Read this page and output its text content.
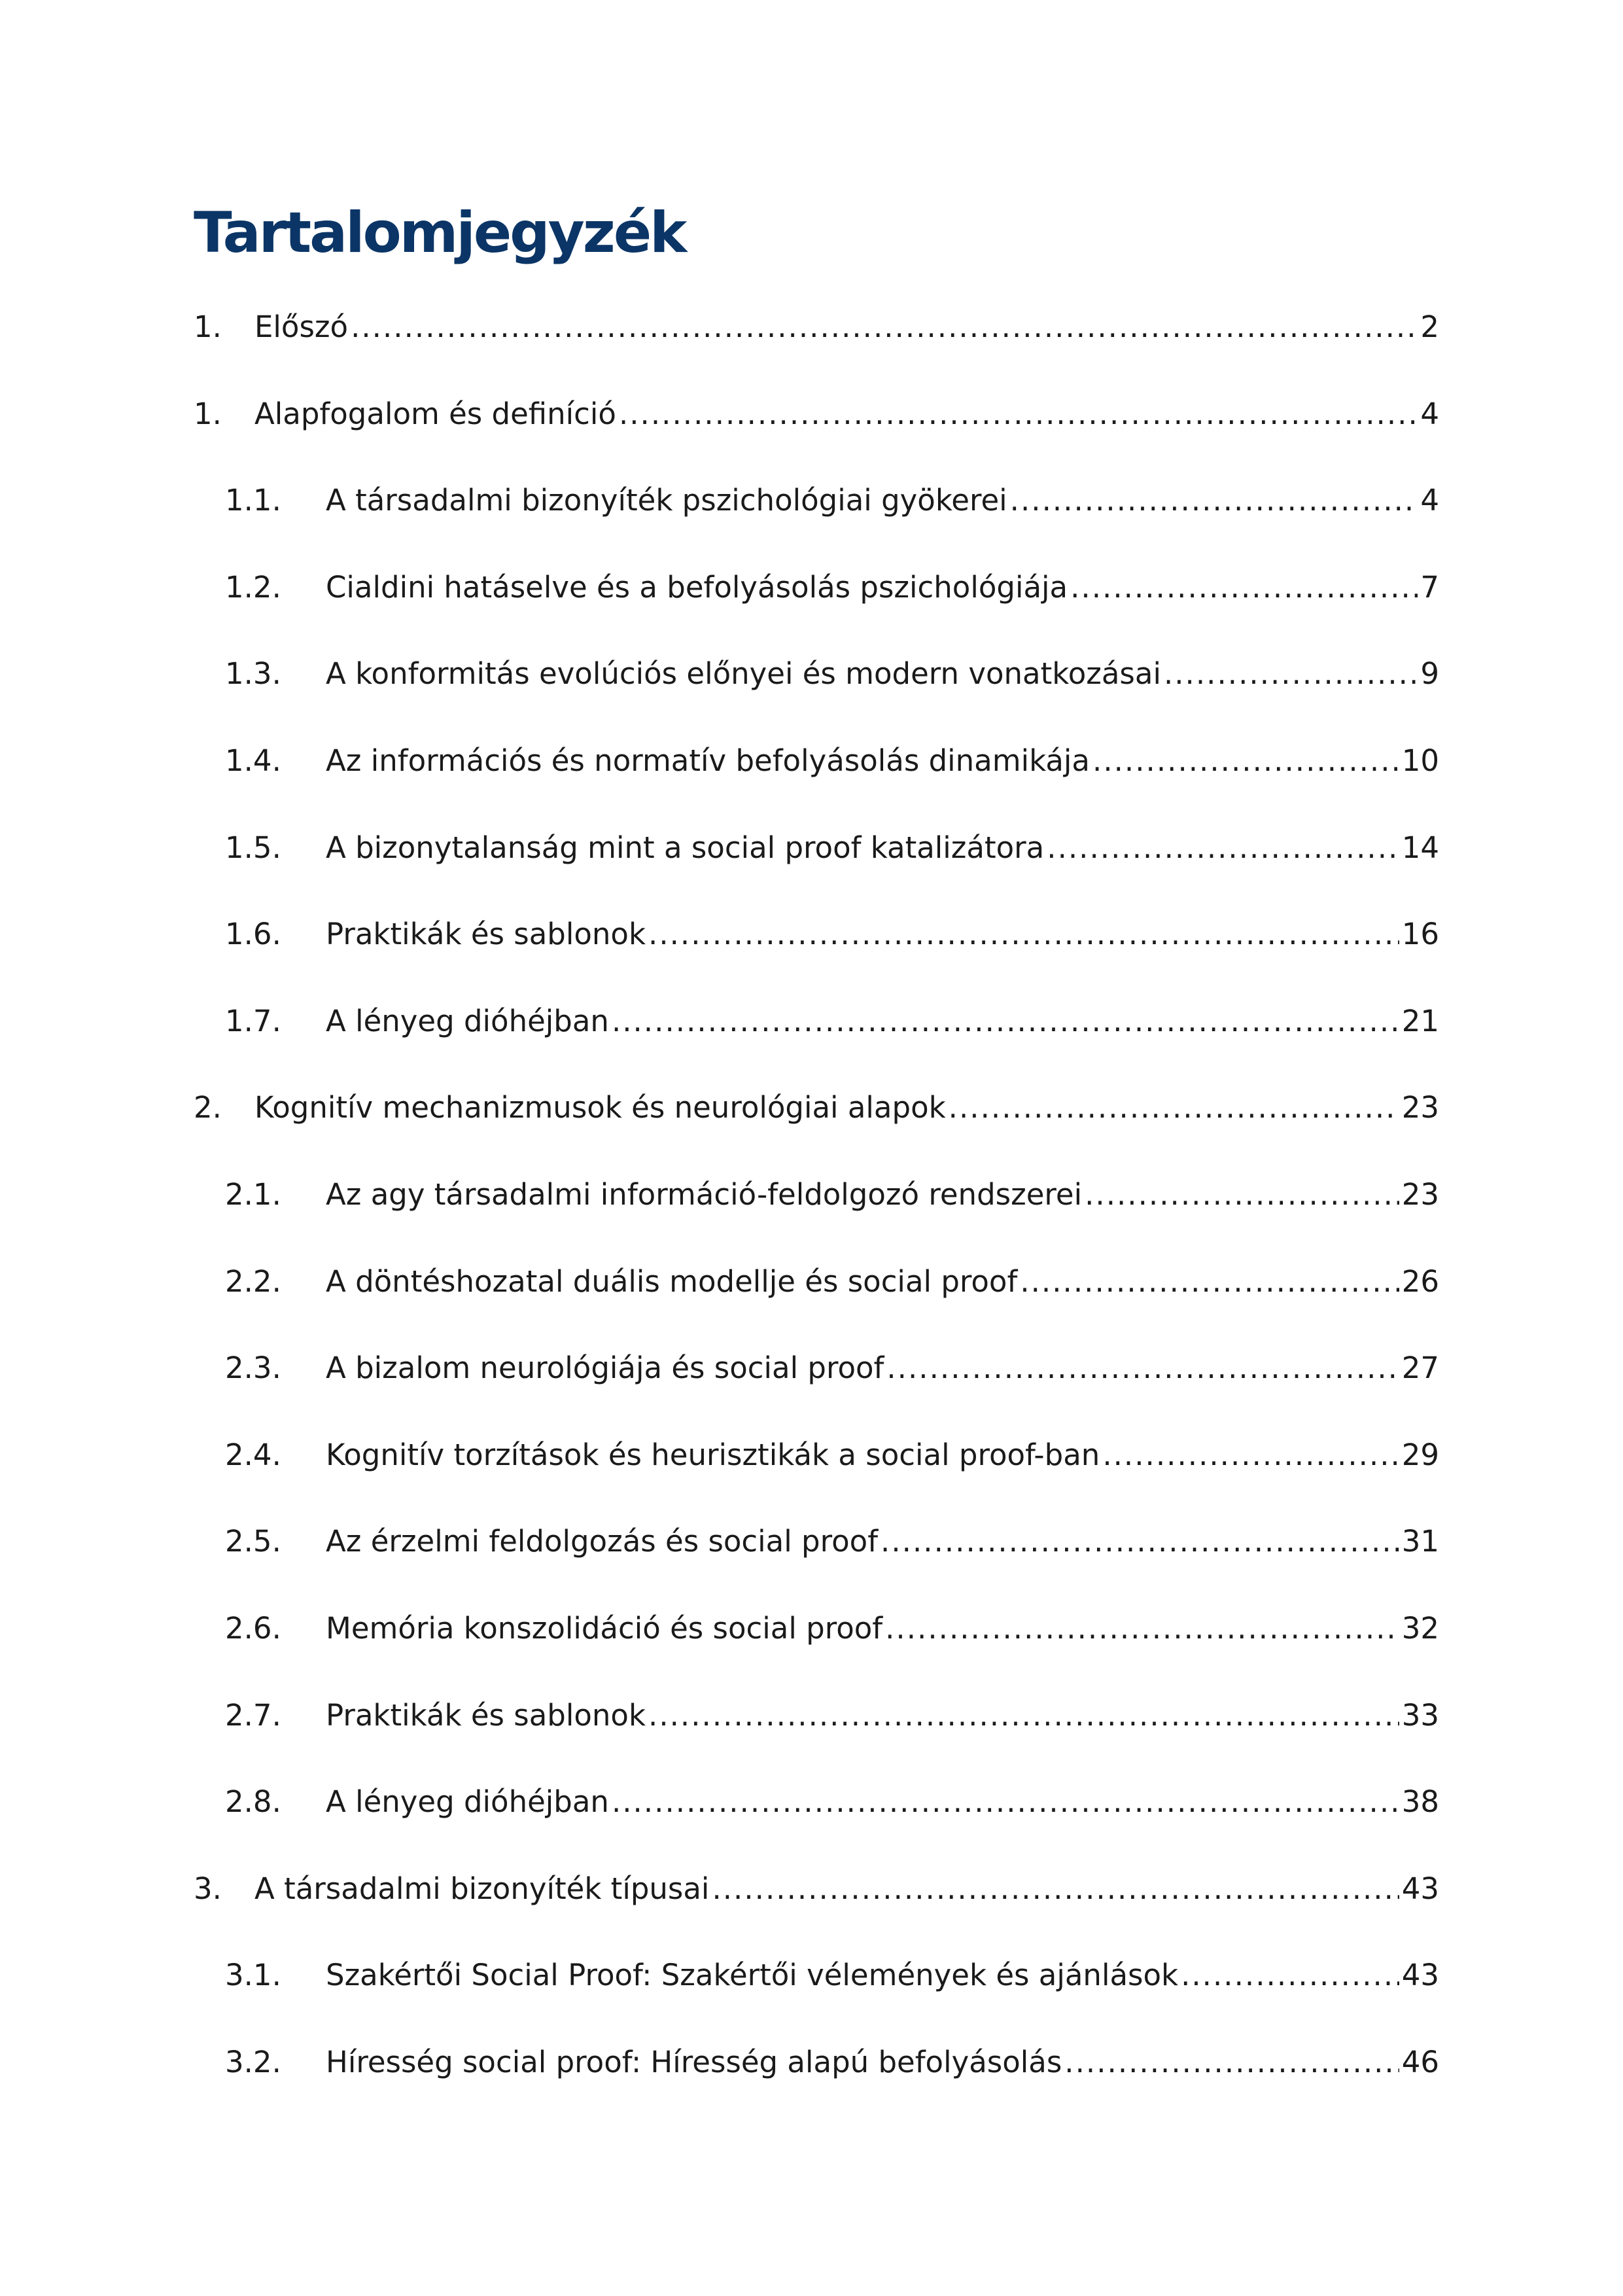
Tartalomjegyzék
1.	Előszó .....	2
1.	Alapfogalom és definíció .....	4
1.1.	A társadalmi bizonyíték pszichológiai gyökerei .....	4
1.2.	Cialdini hatáselve és a befolyásolás pszichológiája .....	7
1.3.	A konformitás evolúciós előnyei és modern vonatkozásai .....	9
1.4.	Az információs és normatív befolyásolás dinamikája .....	10
1.5.	A bizonytalanság mint a social proof katalizátora .....	14
1.6.	Praktikák és sablonok .....	16
1.7.	A lényeg dióhéjban .....	21
2.	Kognitív mechanizmusok és neurológiai alapok .....	23
2.1.	Az agy társadalmi információ-feldolgozó rendszerei .....	23
2.2.	A döntéshozatal duális modellje és social proof .....	26
2.3.	A bizalom neurológiája és social proof .....	27
2.4.	Kognitív torzítások és heurisztikák a social proof-ban .....	29
2.5.	Az érzelmi feldolgozás és social proof .....	31
2.6.	Memória konszolidáció és social proof .....	32
2.7.	Praktikák és sablonok .....	33
2.8.	A lényeg dióhéjban .....	38
3.	A társadalmi bizonyíték típusai .....	43
3.1.	Szakértői Social Proof: Szakértői vélemények és ajánlások .....	43
3.2.	Híresség social proof: Híresség alapú befolyásolás .....	46
